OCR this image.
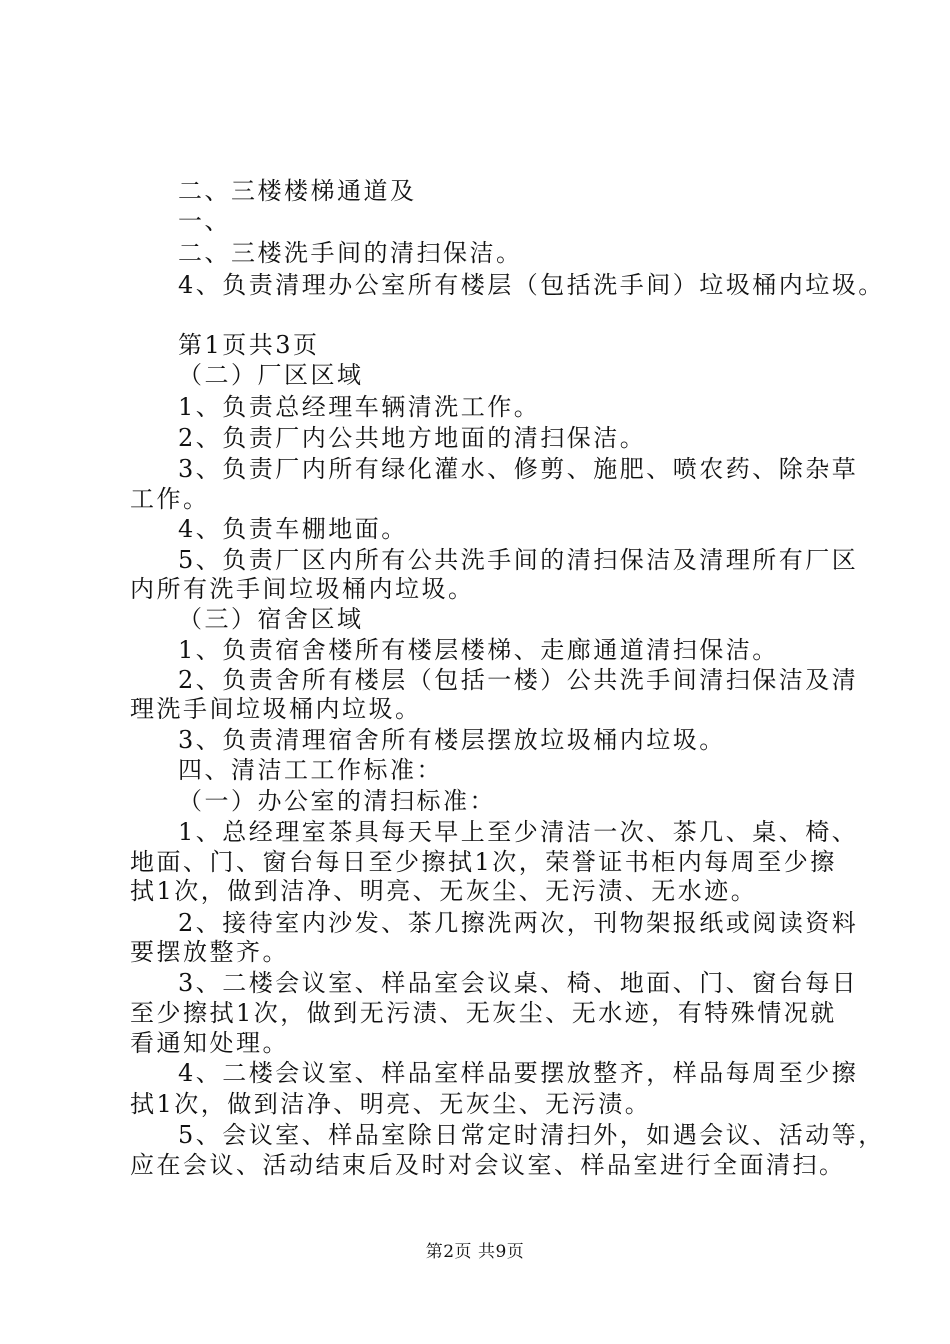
二、三楼楼梯通道及
一、
二、三楼洗手间的清扫保洁。
4、负责清理办公室所有楼层（包括洗手间）垃圾桶内垃圾。
第1页共3页
（二）厂区区域
1、负责总经理车辆清洗工作。
2、负责厂内公共地方地面的清扫保洁。
3、负责厂内所有绿化灌水、修剪、施肥、喷农药、除杂草
工作。
4、负责车棚地面。
5、负责厂区内所有公共洗手间的清扫保洁及清理所有厂区
内所有洗手间垃圾桶内垃圾。
（三）宿舍区域
1、负责宿舍楼所有楼层楼梯、走廊通道清扫保洁。
2、负责舍所有楼层（包括一楼）公共洗手间清扫保洁及清
理洗手间垃圾桶内垃圾。
3、负责清理宿舍所有楼层摆放垃圾桶内垃圾。
四、清洁工工作标准：
（一）办公室的清扫标准：
1、总经理室茶具每天早上至少清洁一次、茶几、桌、椅、
地面、门、窗台每日至少擦拭1次，荣誉证书柜内每周至少擦
拭1次，做到洁净、明亮、无灰尘、无污渍、无水迹。
2、接待室内沙发、茶几擦洗两次，刊物架报纸或阅读资料
要摆放整齐。
3、二楼会议室、样品室会议桌、椅、地面、门、窗台每日
至少擦拭1次，做到无污渍、无灰尘、无水迹，有特殊情况就
看通知处理。
4、二楼会议室、样品室样品要摆放整齐，样品每周至少擦
拭1次，做到洁净、明亮、无灰尘、无污渍。
5、会议室、样品室除日常定时清扫外，如遇会议、活动等，
应在会议、活动结束后及时对会议室、样品室进行全面清扫。
第2页 共9页
